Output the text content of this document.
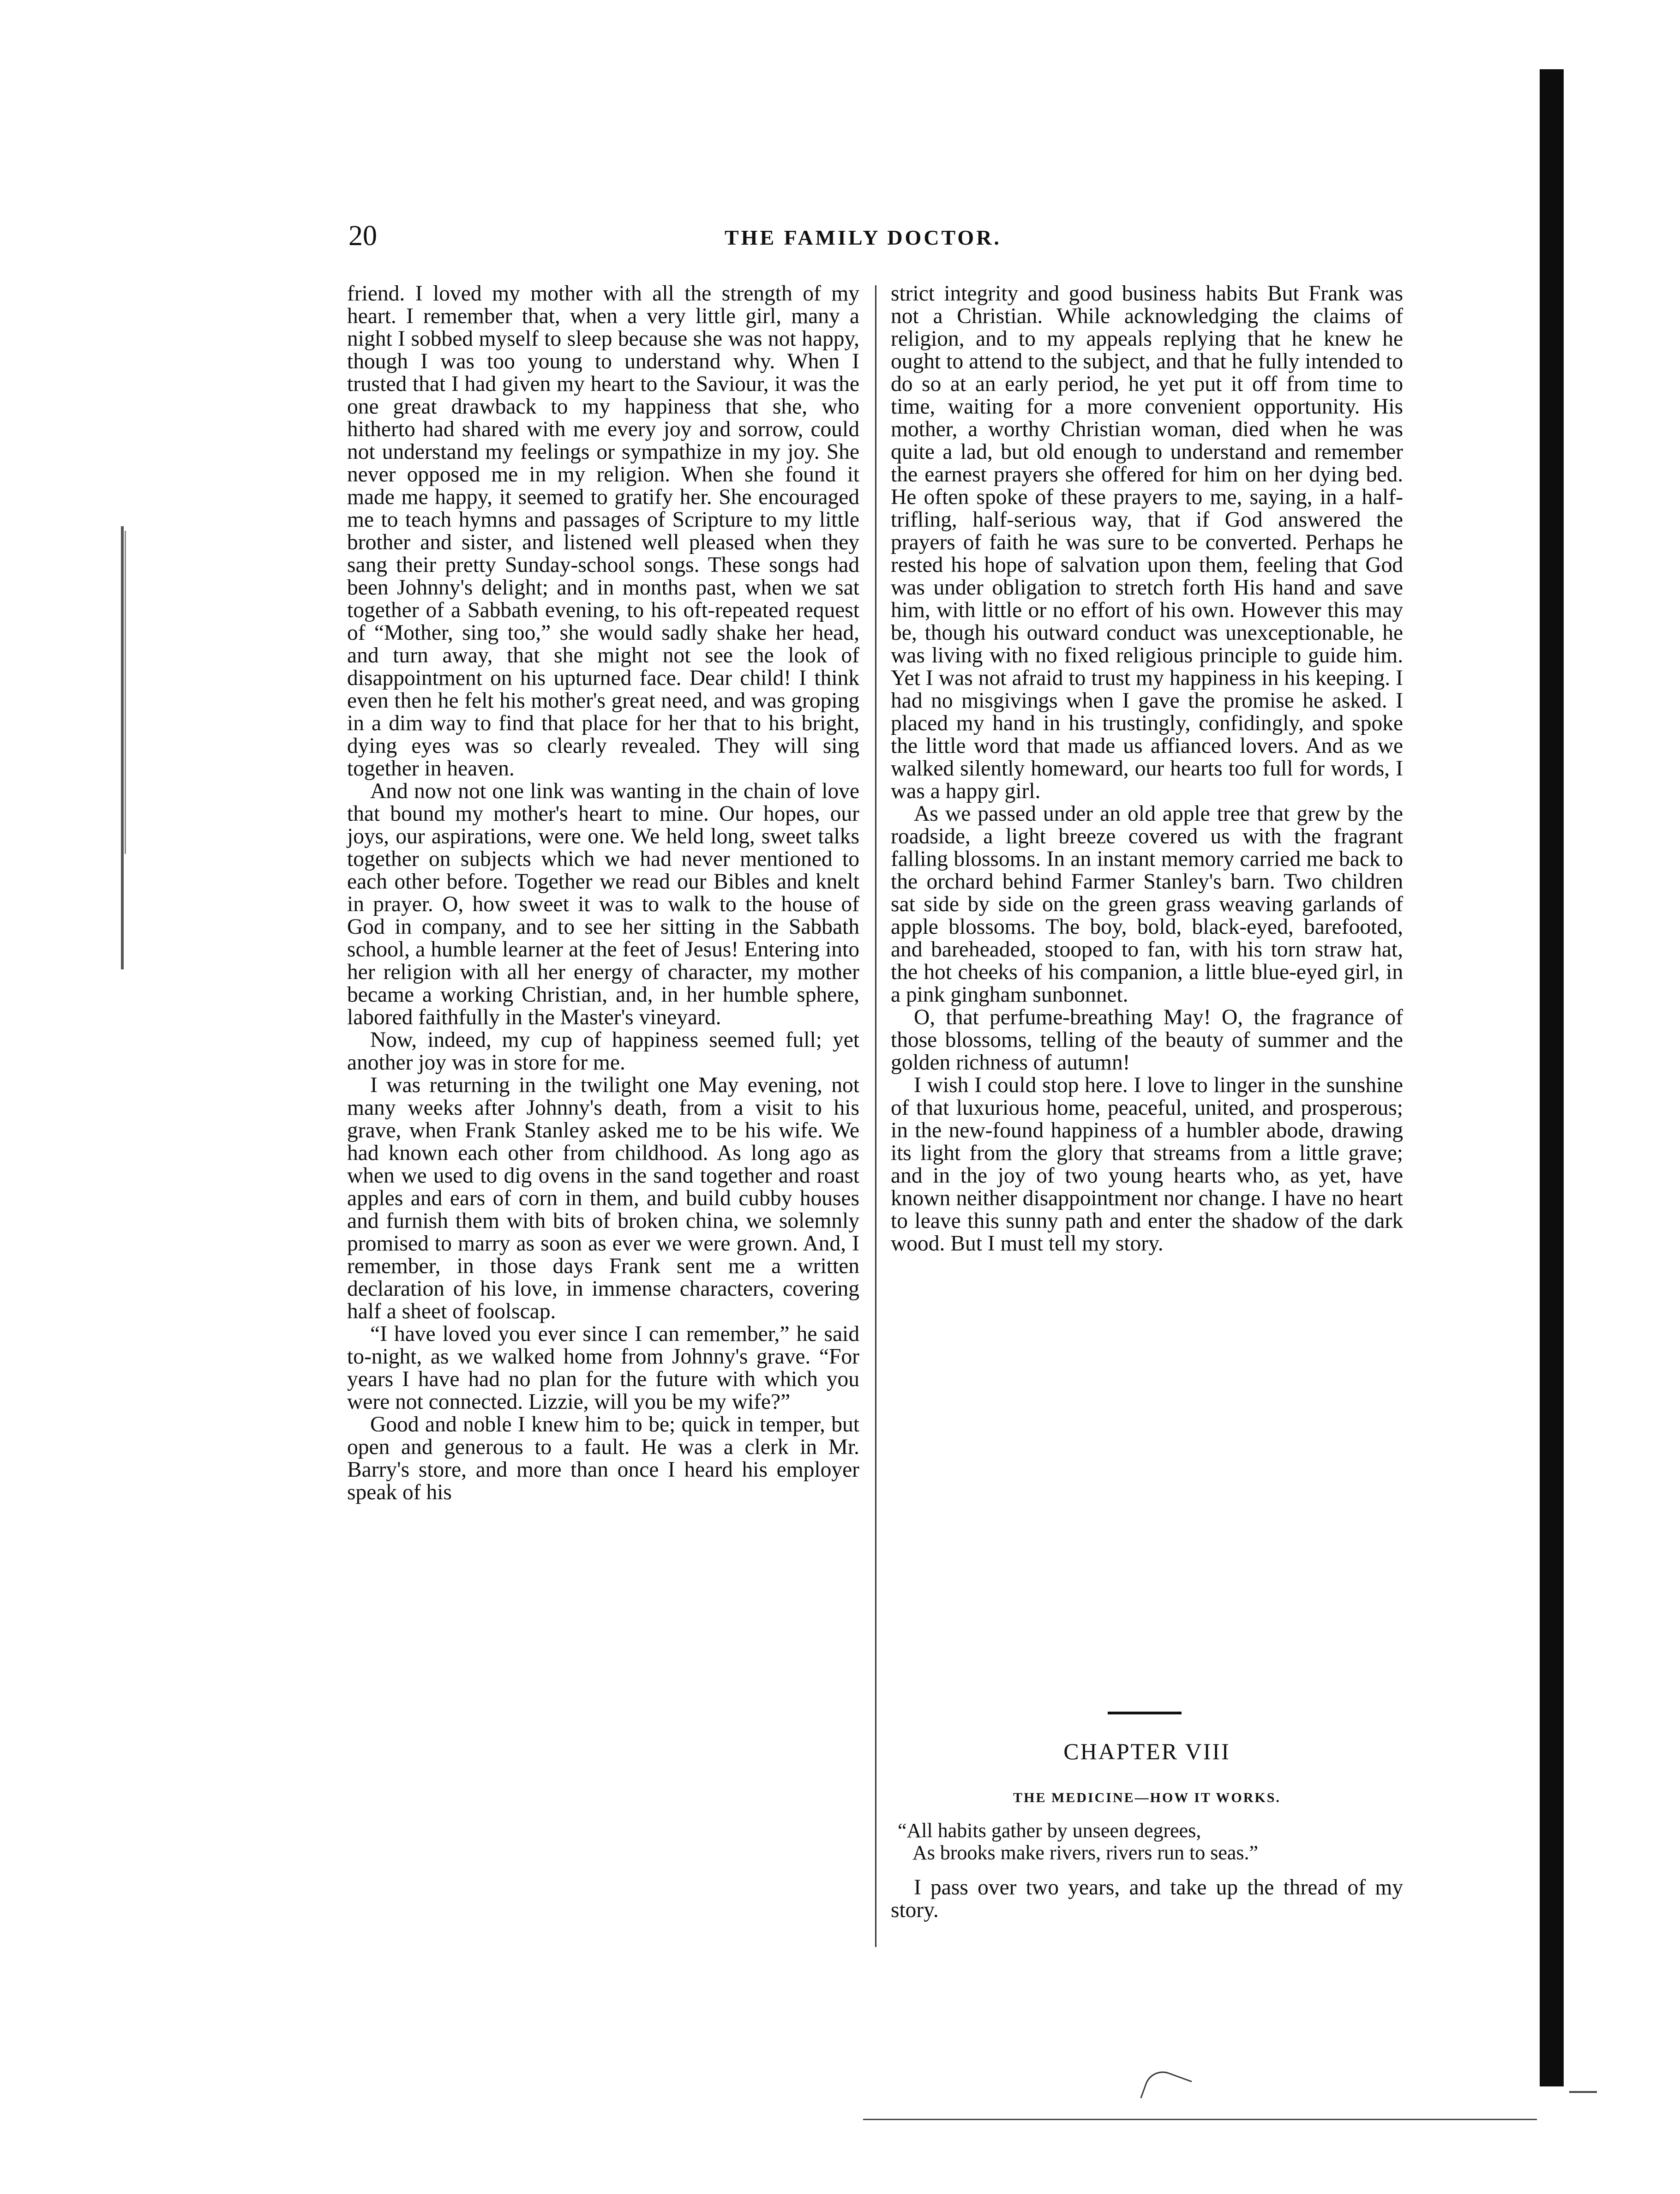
20	THE FAMILY DOCTOR.

friend. I loved my mother with all the strength of my heart. I remember that, when a very little girl, many a night I sobbed myself to sleep because she was not happy, though I was too young to understand why. When I trusted that I had given my heart to the Saviour, it was the one great drawback to my happiness that she, who hitherto had shared with me every joy and sorrow, could not understand my feelings or sympathize in my joy. She never opposed me in my religion. When she found it made me happy, it seemed to gratify her. She encouraged me to teach hymns and passages of Scripture to my little brother and sister, and listened well pleased when they sang their pretty Sunday-school songs. These songs had been Johnny's delight; and in months past, when we sat together of a Sabbath evening, to his oft-repeated request of “Mother, sing too,” she would sadly shake her head, and turn away, that she might not see the look of disappointment on his upturned face. Dear child! I think even then he felt his mother's great need, and was groping in a dim way to find that place for her that to his bright, dying eyes was so clearly revealed. They will sing together in heaven.

And now not one link was wanting in the chain of love that bound my mother's heart to mine. Our hopes, our joys, our aspirations, were one. We held long, sweet talks together on subjects which we had never mentioned to each other before. Together we read our Bibles and knelt in prayer. O, how sweet it was to walk to the house of God in company, and to see her sitting in the Sabbath school, a humble learner at the feet of Jesus! Entering into her religion with all her energy of character, my mother became a working Christian, and, in her humble sphere, labored faithfully in the Master's vineyard.

Now, indeed, my cup of happiness seemed full; yet another joy was in store for me.

I was returning in the twilight one May evening, not many weeks after Johnny's death, from a visit to his grave, when Frank Stanley asked me to be his wife. We had known each other from childhood. As long ago as when we used to dig ovens in the sand together and roast apples and ears of corn in them, and build cubby houses and furnish them with bits of broken china, we solemnly promised to marry as soon as ever we were grown. And, I remember, in those days Frank sent me a written declaration of his love, in immense characters, covering half a sheet of foolscap.

“I have loved you ever since I can remember,” he said to-night, as we walked home from Johnny's grave. “For years I have had no plan for the future with which you were not connected. Lizzie, will you be my wife?”

Good and noble I knew him to be; quick in temper, but open and generous to a fault. He was a clerk in Mr. Barry's store, and more than once I heard his employer speak of his

strict integrity and good business habits But Frank was not a Christian. While acknowledging the claims of religion, and to my appeals replying that he knew he ought to attend to the subject, and that he fully intended to do so at an early period, he yet put it off from time to time, waiting for a more convenient opportunity. His mother, a worthy Christian woman, died when he was quite a lad, but old enough to understand and remember the earnest prayers she offered for him on her dying bed. He often spoke of these prayers to me, saying, in a half-trifling, half-serious way, that if God answered the prayers of faith he was sure to be converted. Perhaps he rested his hope of salvation upon them, feeling that God was under obligation to stretch forth His hand and save him, with little or no effort of his own. However this may be, though his outward conduct was unexceptionable, he was living with no fixed religious principle to guide him. Yet I was not afraid to trust my happiness in his keeping. I had no misgivings when I gave the promise he asked. I placed my hand in his trustingly, confidingly, and spoke the little word that made us affianced lovers. And as we walked silently homeward, our hearts too full for words, I was a happy girl.

As we passed under an old apple tree that grew by the roadside, a light breeze covered us with the fragrant falling blossoms. In an instant memory carried me back to the orchard behind Farmer Stanley's barn. Two children sat side by side on the green grass weaving garlands of apple blossoms. The boy, bold, black-eyed, barefooted, and bareheaded, stooped to fan, with his torn straw hat, the hot cheeks of his companion, a little blue-eyed girl, in a pink gingham sunbonnet.

O, that perfume-breathing May! O, the fragrance of those blossoms, telling of the beauty of summer and the golden richness of autumn!

I wish I could stop here. I love to linger in the sunshine of that luxurious home, peaceful, united, and prosperous; in the new-found happiness of a humbler abode, drawing its light from the glory that streams from a little grave; and in the joy of two young hearts who, as yet, have known neither disappointment nor change. I have no heart to leave this sunny path and enter the shadow of the dark wood. But I must tell my story.

CHAPTER VIII
THE MEDICINE—HOW IT WORKS.
“All habits gather by unseen degrees,
As brooks make rivers, rivers run to seas.”

I pass over two years, and take up the thread of my story.
